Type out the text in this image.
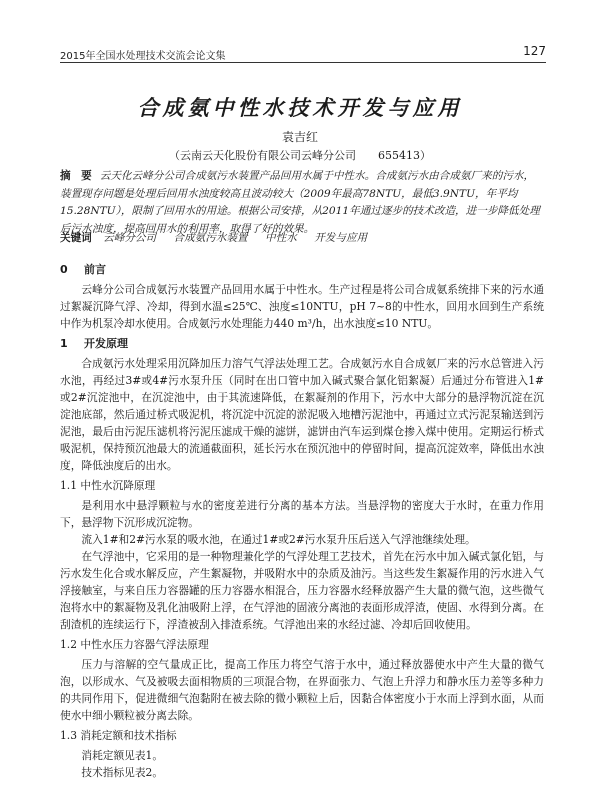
2015年全国水处理技术交流会论文集	127
合成氨中性水技术开发与应用
袁吉红
（云南云天化股份有限公司云峰分公司　　655413）
摘　要 云天化云峰分公司合成氨污水装置产品回用水属于中性水。合成氨污水由合成氨厂来的污水，装置现存问题是处理后回用水浊度较高且波动较大（2009年最高78NTU，最低3.9NTU，年平均15.28NTU），限制了回用水的用途。根据公司安排，从2011年通过逐步的技术改造，进一步降低处理后污水浊度，提高回用水的利用率，取得了好的效果。
关键词 云峰分公司 合成氨污水装置 中性水 开发与应用
0 前言

云峰分公司合成氨污水装置产品回用水属于中性水。生产过程是将公司合成氨系统排下来的污水通过絮凝沉降气浮、冷却，得到水温≤25℃、浊度≤10NTU，pH 7~8的中性水，回用水回到生产系统中作为机泵冷却水使用。合成氨污水处理能力440 m³/h，出水浊度≤10 NTU。

1 开发原理

合成氨污水处理采用沉降加压力溶气气浮法处理工艺。合成氨污水自合成氨厂来的污水总管进入污水池，再经过3#或4#污水泵升压（同时在出口管中加入碱式聚合氯化铝絮凝）后通过分布管进入1#或2#沉淀池中，在沉淀池中，由于其流速降低，在絮凝剂的作用下，污水中大部分的悬浮物沉淀在沉淀池底部，然后通过桥式吸泥机，将沉淀中沉淀的淤泥吸入地槽污泥池中，再通过立式污泥泵输送到污泥池，最后由污泥压滤机将污泥压滤成干燥的滤饼，滤饼由汽车运到煤仓掺入煤中使用。定期运行桥式吸泥机，保持预沉池最大的流通截面积，延长污水在预沉池中的停留时间，提高沉淀效率，降低出水浊度，降低浊度后的出水。

1.1 中性水沉降原理

是利用水中悬浮颗粒与水的密度差进行分离的基本方法。当悬浮物的密度大于水时，在重力作用下，悬浮物下沉形成沉淀物。

流入1#和2#污水泵的吸水池，在通过1#或2#污水泵升压后送入气浮池继续处理。

在气浮池中，它采用的是一种物理兼化学的气浮处理工艺技术，首先在污水中加入碱式氯化铝，与污水发生化合或水解反应，产生絮凝物，并吸附水中的杂质及油污。当这些发生絮凝作用的污水进入气浮接触室，与来自压力容器罐的压力容器水相混合，压力容器水经释放器产生大量的微气泡，这些微气泡将水中的絮凝物及乳化油吸附上浮，在气浮池的固液分离池的表面形成浮渣，使固、水得到分离。在刮渣机的连续运行下，浮渣被刮入排渣系统。气浮池出来的水经过滤、冷却后回收使用。

1.2 中性水压力容器气浮法原理

压力与溶解的空气量成正比，提高工作压力将空气溶于水中，通过释放器使水中产生大量的微气泡，以形成水、气及被吸去面相物质的三项混合物，在界面张力、气泡上升浮力和静水压力差等多种力的共同作用下，促进微细气泡黏附在被去除的微小颗粒上后，因黏合体密度小于水而上浮到水面，从而使水中细小颗粒被分离去除。

1.3 消耗定额和技术指标

消耗定额见表1。

技术指标见表2。
